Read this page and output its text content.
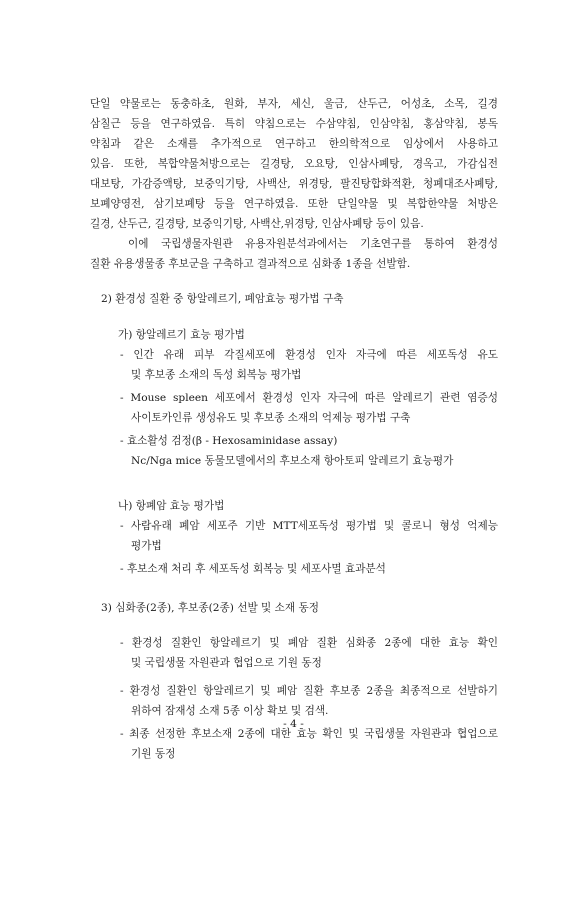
단일 약물로는 동충하초, 원화, 부자, 세신, 울금, 산두근, 어성초, 소목, 길경

삼칠근 등을 연구하였음. 특히 약침으로는 수삼약침, 인삼약침, 홍삼약침, 봉독

약침과 같은 소재를 추가적으로 연구하고 한의학적으로 임상에서 사용하고

있음. 또한, 복합약물처방으로는 길경탕, 오요탕, 인삼사폐탕, 경옥고, 가감십전

대보탕, 가감증액탕, 보중익기탕, 사백산, 위경탕, 팔진탕합화적환, 청폐대조사폐탕,

보폐양영전, 삼기보폐탕 등을 연구하였음. 또한 단일약물 및 복합한약물 처방은

길경, 산두근, 길경탕, 보중익기탕, 사백산,위경탕, 인삼사폐탕 등이 있음.

이에 국립생물자원관 유용자원분석과에서는 기초연구를 통하여 환경성

질환 유용생물종 후보군을 구축하고 결과적으로 심화종 1종을 선발함.

2) 환경성 질환 중 항알레르기, 폐암효능 평가법 구축

가) 항알레르기 효능 평가법

- 인간 유래 피부 각질세포에 환경성 인자 자극에 따른 세포독성 유도

및 후보종 소재의 독성 회복능 평가법

- Mouse spleen 세포에서 환경성 인자 자극에 따른 알레르기 관련 염증성

사이토카인류 생성유도 및 후보종 소재의 억제능 평가법 구축

- 효소활성 검정(β - Hexosaminidase assay)

Nc/Nga mice 동물모델에서의 후보소재 항아토피 알레르기 효능평가

나) 항폐암 효능 평가법

- 사람유래 폐암 세포주 기반 MTT세포독성 평가법 및 콜로니 형성 억제능

평가법

- 후보소재 처리 후 세포독성 회복능 및 세포사멸 효과분석

3) 심화종(2종), 후보종(2종) 선발 및 소재 동정

- 환경성 질환인 항알레르기 및 폐암 질환 심화종 2종에 대한 효능 확인

및 국립생물 자원관과 협업으로 기원 동정

- 4 -

- 환경성 질환인 항알레르기 및 폐암 질환 후보종 2종을 최종적으로 선발하기

위하여 잠재성 소재 5종 이상 확보 및 검색.

- 최종 선정한 후보소재 2종에 대한 효능 확인 및 국립생물 자원관과 협업으로

기원 동정
